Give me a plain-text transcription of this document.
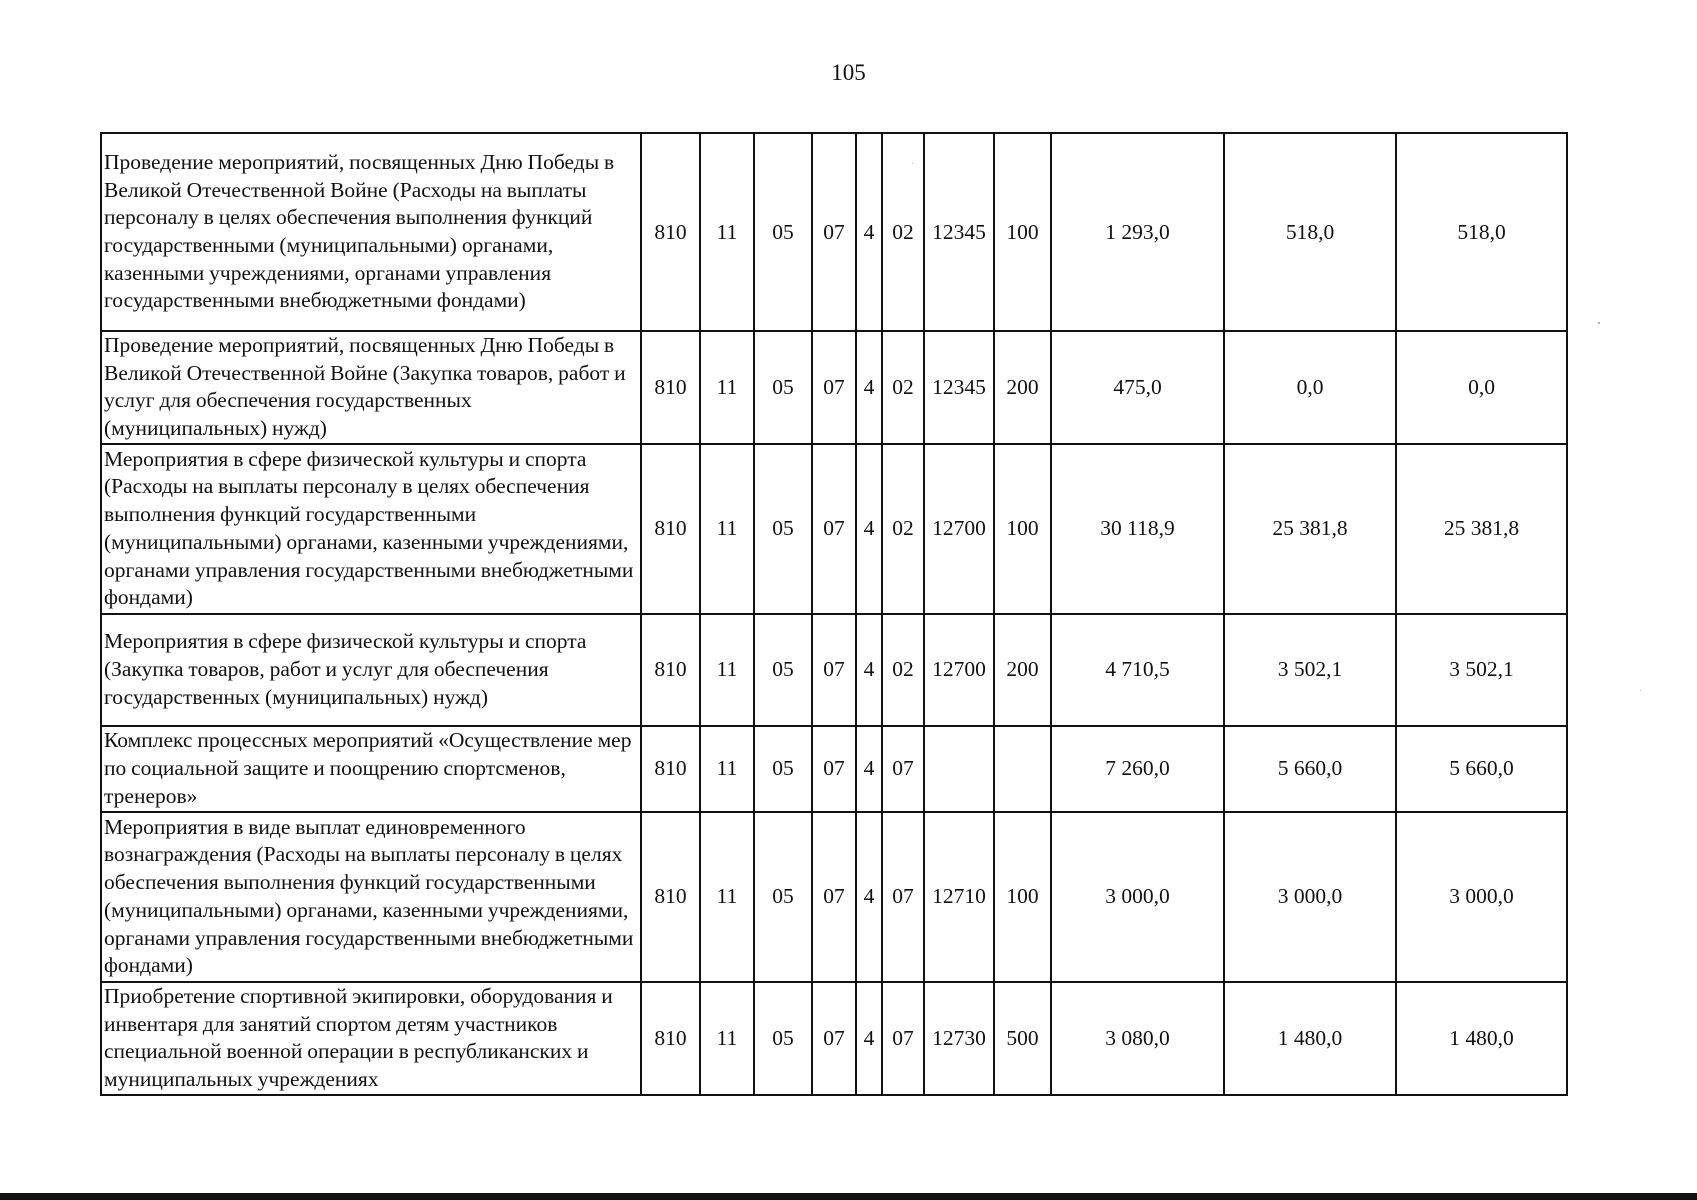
105
Проведение мероприятий, посвященных Дню Победы в Великой Отечественной Войне (Расходы на выплаты персоналу в целях обеспечения выполнения функций государственными (муниципальными) органами, казенными учреждениями, органами управления государственными внебюджетными фондами)	810	11	05	07	4	02	12345	100	1 293,0	518,0	518,0
Проведение мероприятий, посвященных Дню Победы в Великой Отечественной Войне (Закупка товаров, работ и услуг для обеспечения государственных (муниципальных) нужд)	810	11	05	07	4	02	12345	200	475,0	0,0	0,0
Мероприятия в сфере физической культуры и спорта (Расходы на выплаты персоналу в целях обеспечения выполнения функций государственными (муниципальными) органами, казенными учреждениями, органами управления государственными внебюджетными фондами)	810	11	05	07	4	02	12700	100	30 118,9	25 381,8	25 381,8
Мероприятия в сфере физической культуры и спорта (Закупка товаров, работ и услуг для обеспечения государственных (муниципальных) нужд)	810	11	05	07	4	02	12700	200	4 710,5	3 502,1	3 502,1
Комплекс процессных мероприятий «Осуществление мер по социальной защите и поощрению спортсменов, тренеров»	810	11	05	07	4	07			7 260,0	5 660,0	5 660,0
Мероприятия в виде выплат единовременного вознаграждения (Расходы на выплаты персоналу в целях обеспечения выполнения функций государственными (муниципальными) органами, казенными учреждениями, органами управления государственными внебюджетными фондами)	810	11	05	07	4	07	12710	100	3 000,0	3 000,0	3 000,0
Приобретение спортивной экипировки, оборудования и инвентаря для занятий спортом детям участников специальной военной операции в республиканских и муниципальных учреждениях	810	11	05	07	4	07	12730	500	3 080,0	1 480,0	1 480,0
